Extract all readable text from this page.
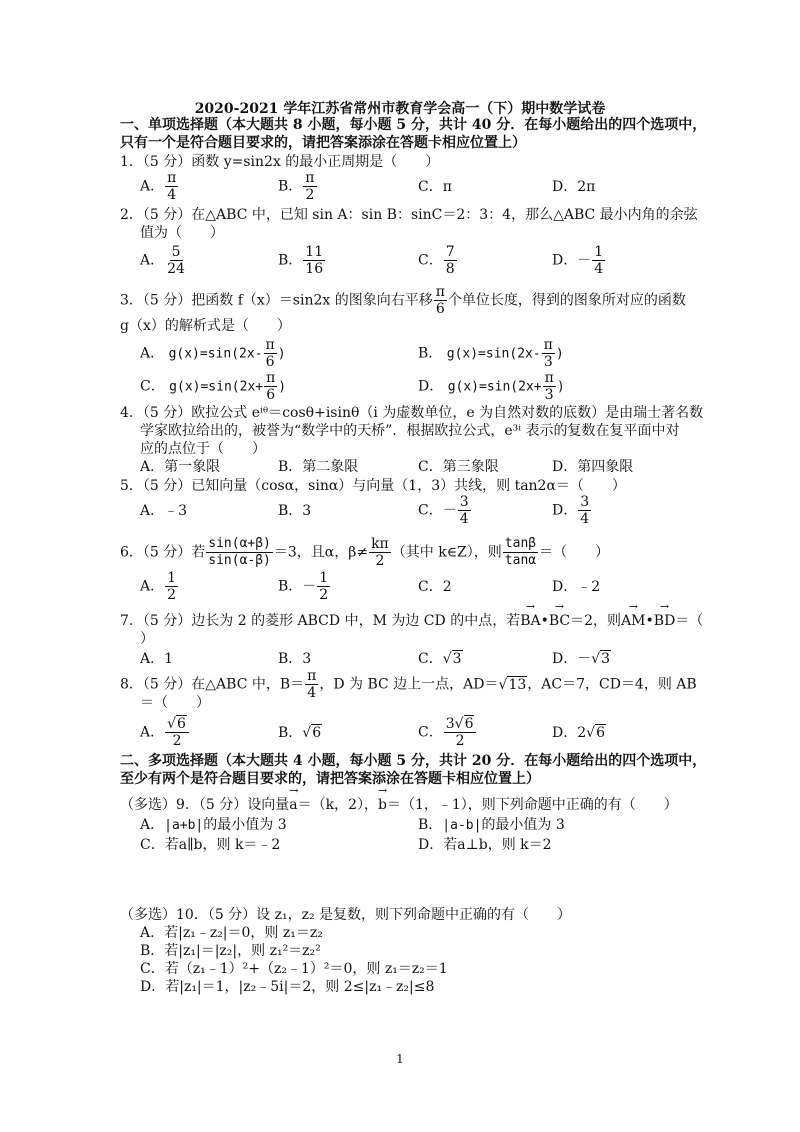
2020-2021 学年江苏省常州市教育学会高一（下）期中数学试卷
一、单项选择题（本大题共 8 小题，每小题 5 分，共计 40 分．在每小题给出的四个选项中，
只有一个是符合题目要求的，请把答案添涂在答题卡相应位置上）
1．（5 分）函数 y=sin2x 的最小正周期是（　　）
A． $\frac{\pi}{4}$	B． $\frac{\pi}{2}$	C．π	D．2π
2．（5 分）在△ABC 中，已知 sin A：sin B：sinC＝2：3：4，那么△ABC 最小内角的余弦
值为（　　）
A． $\frac{5}{24}$	B． $\frac{11}{16}$	C． $\frac{7}{8}$	D．－ $\frac{1}{4}$
3．（5 分）把函数 f（x）＝sin2x 的图象向右平移 $\frac{\pi}{6}$ 个单位长度，得到的图象所对应的函数
g（x）的解析式是（　　）
A． $g(x)=\sin(2x- \frac{\pi}{6}$ )	B． $g(x)=\sin(2x- \frac{\pi}{3}$ )
C． $g(x)=\sin(2x+ \frac{\pi}{6}$ )	D． $g(x)=\sin(2x+ \frac{\pi}{3}$ )
4．（5 分）欧拉公式 eⁱᶿ＝cosθ+isinθ（i 为虚数单位，e 为自然对数的底数）是由瑞士著名数
学家欧拉给出的，被誉为“数学中的天桥”．根据欧拉公式，e³ⁱ 表示的复数在复平面中对
应的点位于（　　）
A．第一象限	B．第二象限	C．第三象限	D．第四象限
5．（5 分）已知向量（cosα，sinα）与向量（1，3）共线，则 tan2α＝（　　）
A．﹣3	B．3	C．－ $\frac{3}{4}$	D． $\frac{3}{4}$
6．（5 分）若 $\frac{\sin(\alpha+\beta)}{\sin(\alpha-\beta)} =3$，且α，$\beta\ne \frac{k\pi}{2}$ （其中 k∈Z），则 $\frac{\tan\beta}{\tan\alpha}$ ＝（　　）
A． $\frac{1}{2}$	B．－ $\frac{1}{2}$	C．2	D．﹣2
7．（5 分）边长为 2 的菱形 ABCD 中，M 为边 CD 的中点，若→ BA•→ BC＝2，则→ AM•→ BD＝（
）
A．1	B．3	C．√3	D．－√3
8．（5 分）在△ABC 中，$B= \frac{\pi}{4}$ ，D 为 BC 边上一点，AD＝√13，AC＝7，CD＝4，则 AB
＝（　　）
A． $\frac{√6}{2}$	B．√6	C． $\frac{3√6}{2}$	D．2√6
二、多项选择题（本大题共 4 小题，每小题 5 分，共计 20 分．在每小题给出的四个选项中，
至少有两个是符合题目要求的，请把答案添涂在答题卡相应位置上）
（多选）9．（5 分）设向量→ a＝（k，2），→ b＝（1，﹣1），则下列命题中正确的有（　　）
A．|a+b|的最小值为 3	B．|a-b|的最小值为 3
C．若a∥b，则 k＝﹣2	D．若a⊥b，则 k＝2
（多选）10．（5 分）设 z₁，z₂ 是复数，则下列命题中正确的有（　　）
A．若|z₁﹣z₂|＝0，则 z₁＝z₂
B．若|z₁|＝|z₂|，则 z₁²＝z₂²
C．若（z₁﹣1）²+（z₂﹣1）²＝0，则 z₁＝z₂＝1
D．若|z₁|＝1，|z₂﹣5i|＝2，则 2≤|z₁﹣z₂|≤8
1
